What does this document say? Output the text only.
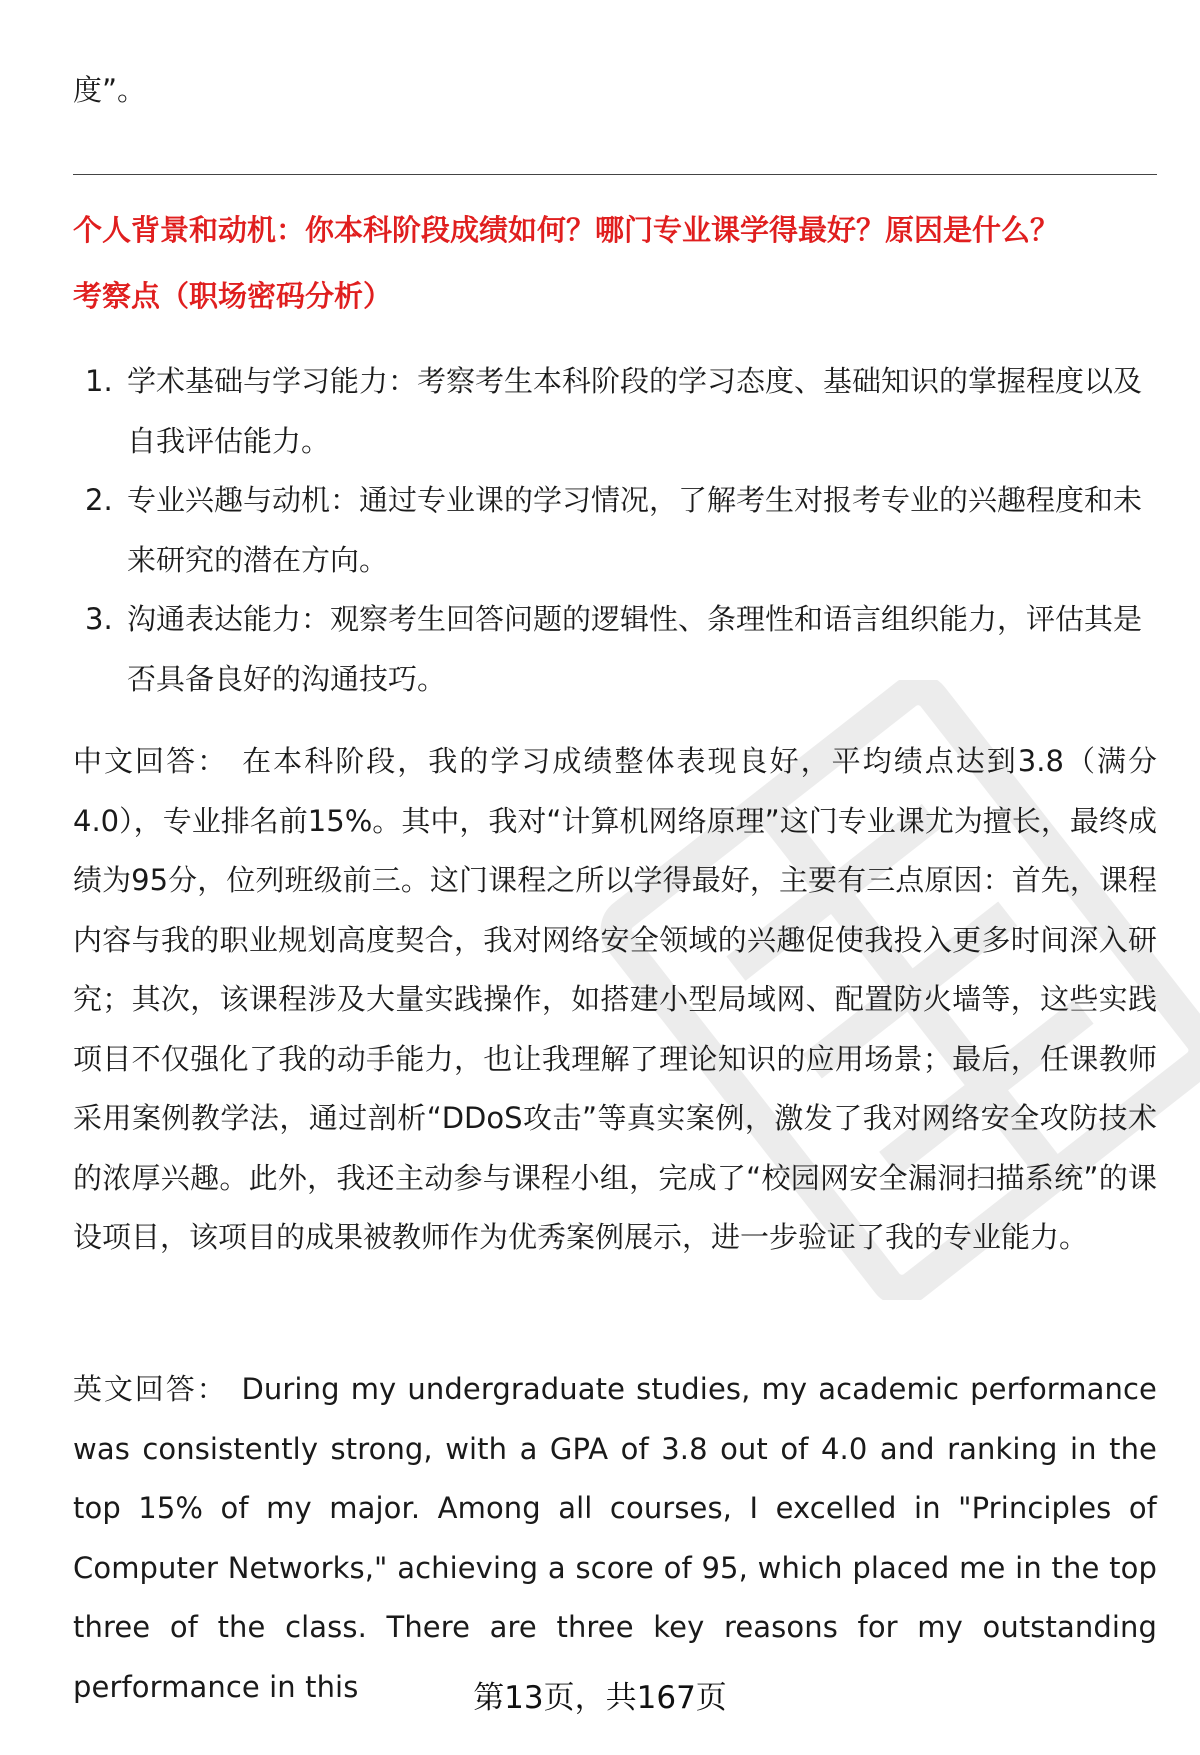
度”。
个人背景和动机：你本科阶段成绩如何？哪门专业课学得最好？原因是什么？
考察点（职场密码分析）
1. 学术基础与学习能力：考察考生本科阶段的学习态度、基础知识的掌握程度以及自我评估能力。
2. 专业兴趣与动机：通过专业课的学习情况，了解考生对报考专业的兴趣程度和未来研究的潜在方向。
3. 沟通表达能力：观察考生回答问题的逻辑性、条理性和语言组织能力，评估其是否具备良好的沟通技巧。

中文回答： 在本科阶段，我的学习成绩整体表现良好，平均绩点达到3.8（满分4.0），专业排名前15%。其中，我对“计算机网络原理”这门专业课尤为擅长，最终成绩为95分，位列班级前三。这门课程之所以学得最好，主要有三点原因：首先，课程内容与我的职业规划高度契合，我对网络安全领域的兴趣促使我投入更多时间深入研究；其次，该课程涉及大量实践操作，如搭建小型局域网、配置防火墙等，这些实践项目不仅强化了我的动手能力，也让我理解了理论知识的应用场景；最后，任课教师采用案例教学法，通过剖析“DDoS攻击”等真实案例，激发了我对网络安全攻防技术的浓厚兴趣。此外，我还主动参与课程小组，完成了“校园网安全漏洞扫描系统”的课设项目，该项目的成果被教师作为优秀案例展示，进一步验证了我的专业能力。

英文回答： During my undergraduate studies, my academic performance was consistently strong, with a GPA of 3.8 out of 4.0 and ranking in the top 15% of my major. Among all courses, I excelled in "Principles of Computer Networks," achieving a score of 95, which placed me in the top three of the class. There are three key reasons for my outstanding performance in this	第13页，共167页
